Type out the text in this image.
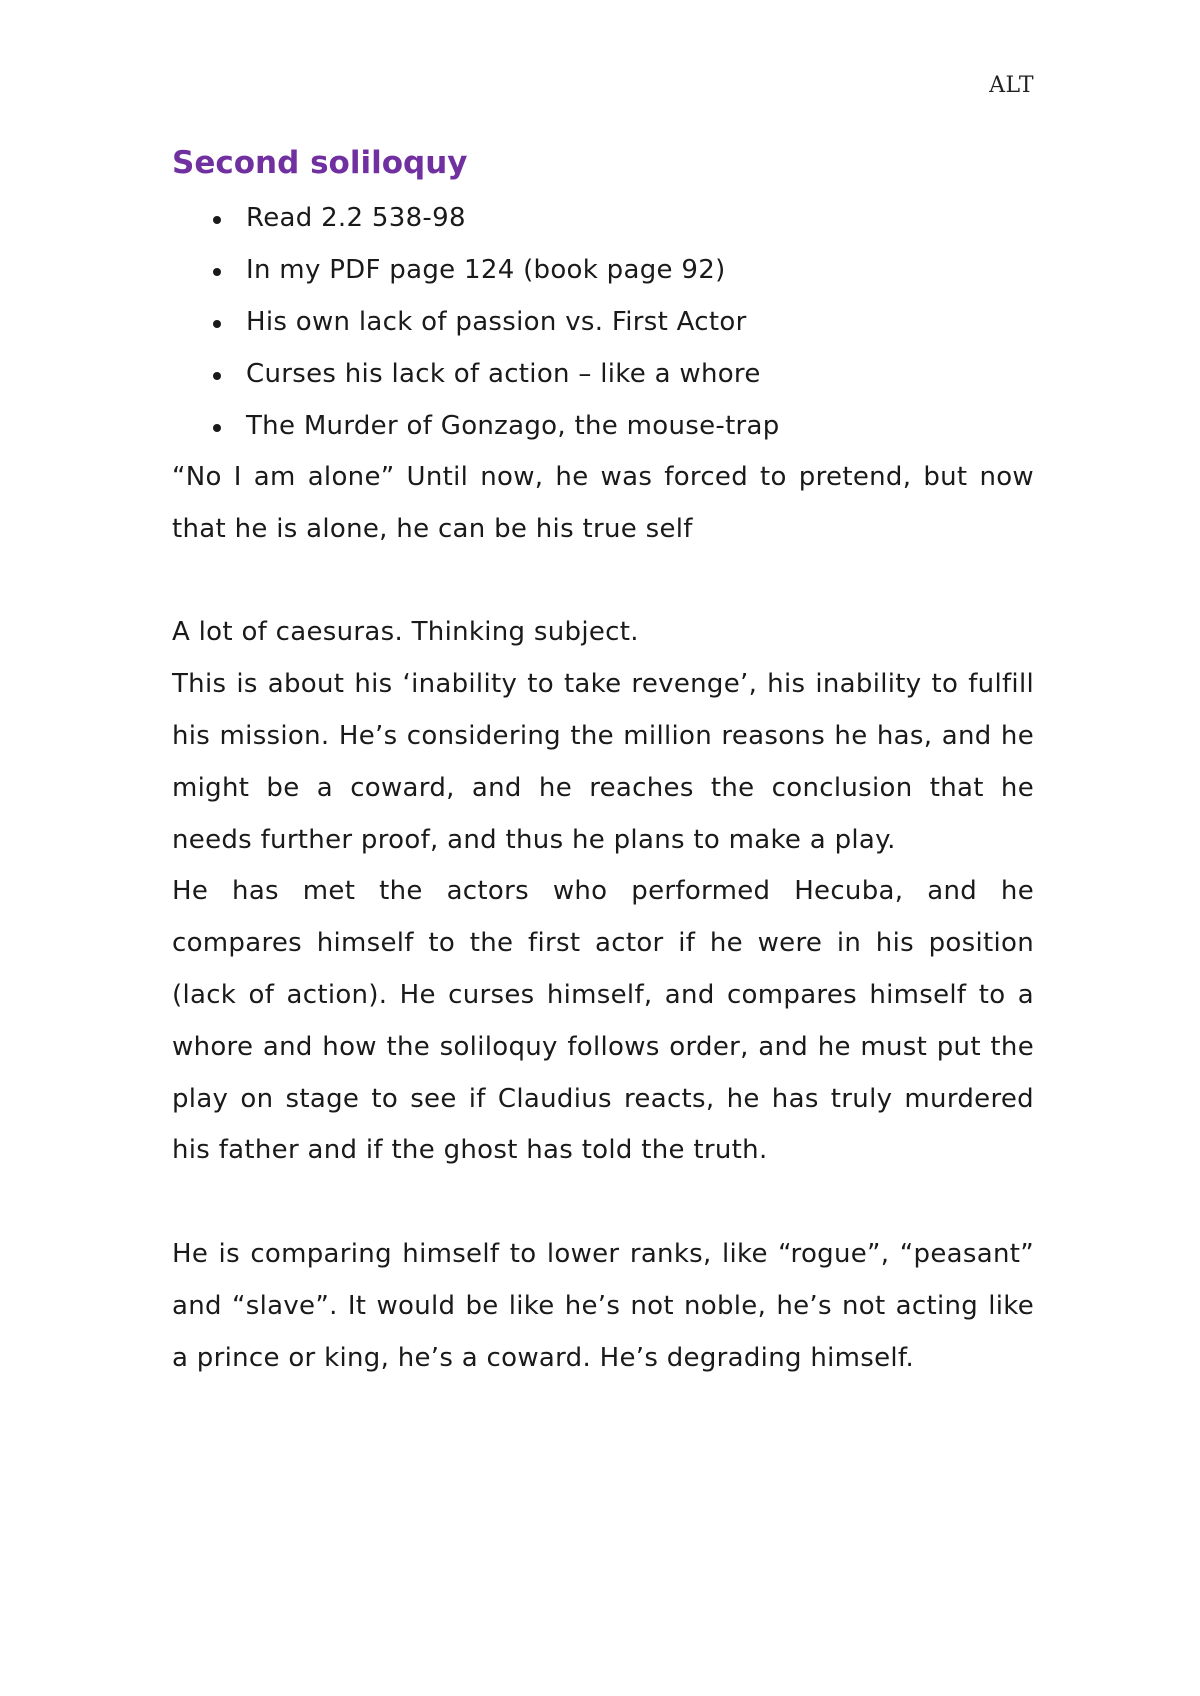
ALT
Second soliloquy
Read 2.2 538-98
In my PDF page 124 (book page 92)
His own lack of passion vs. First Actor
Curses his lack of action – like a whore
The Murder of Gonzago, the mouse-trap

“No I am alone” Until now, he was forced to pretend, but now that he is alone, he can be his true self

A lot of caesuras. Thinking subject.

This is about his ‘inability to take revenge’, his inability to fulfill his mission. He’s considering the million reasons he has, and he might be a coward, and he reaches the conclusion that he needs further proof, and thus he plans to make a play.

He has met the actors who performed Hecuba, and he compares himself to the first actor if he were in his position (lack of action). He curses himself, and compares himself to a whore and how the soliloquy follows order, and he must put the play on stage to see if Claudius reacts, he has truly murdered his father and if the ghost has told the truth.

He is comparing himself to lower ranks, like “rogue”, “peasant” and “slave”. It would be like he’s not noble, he’s not acting like a prince or king, he’s a coward. He’s degrading himself.
